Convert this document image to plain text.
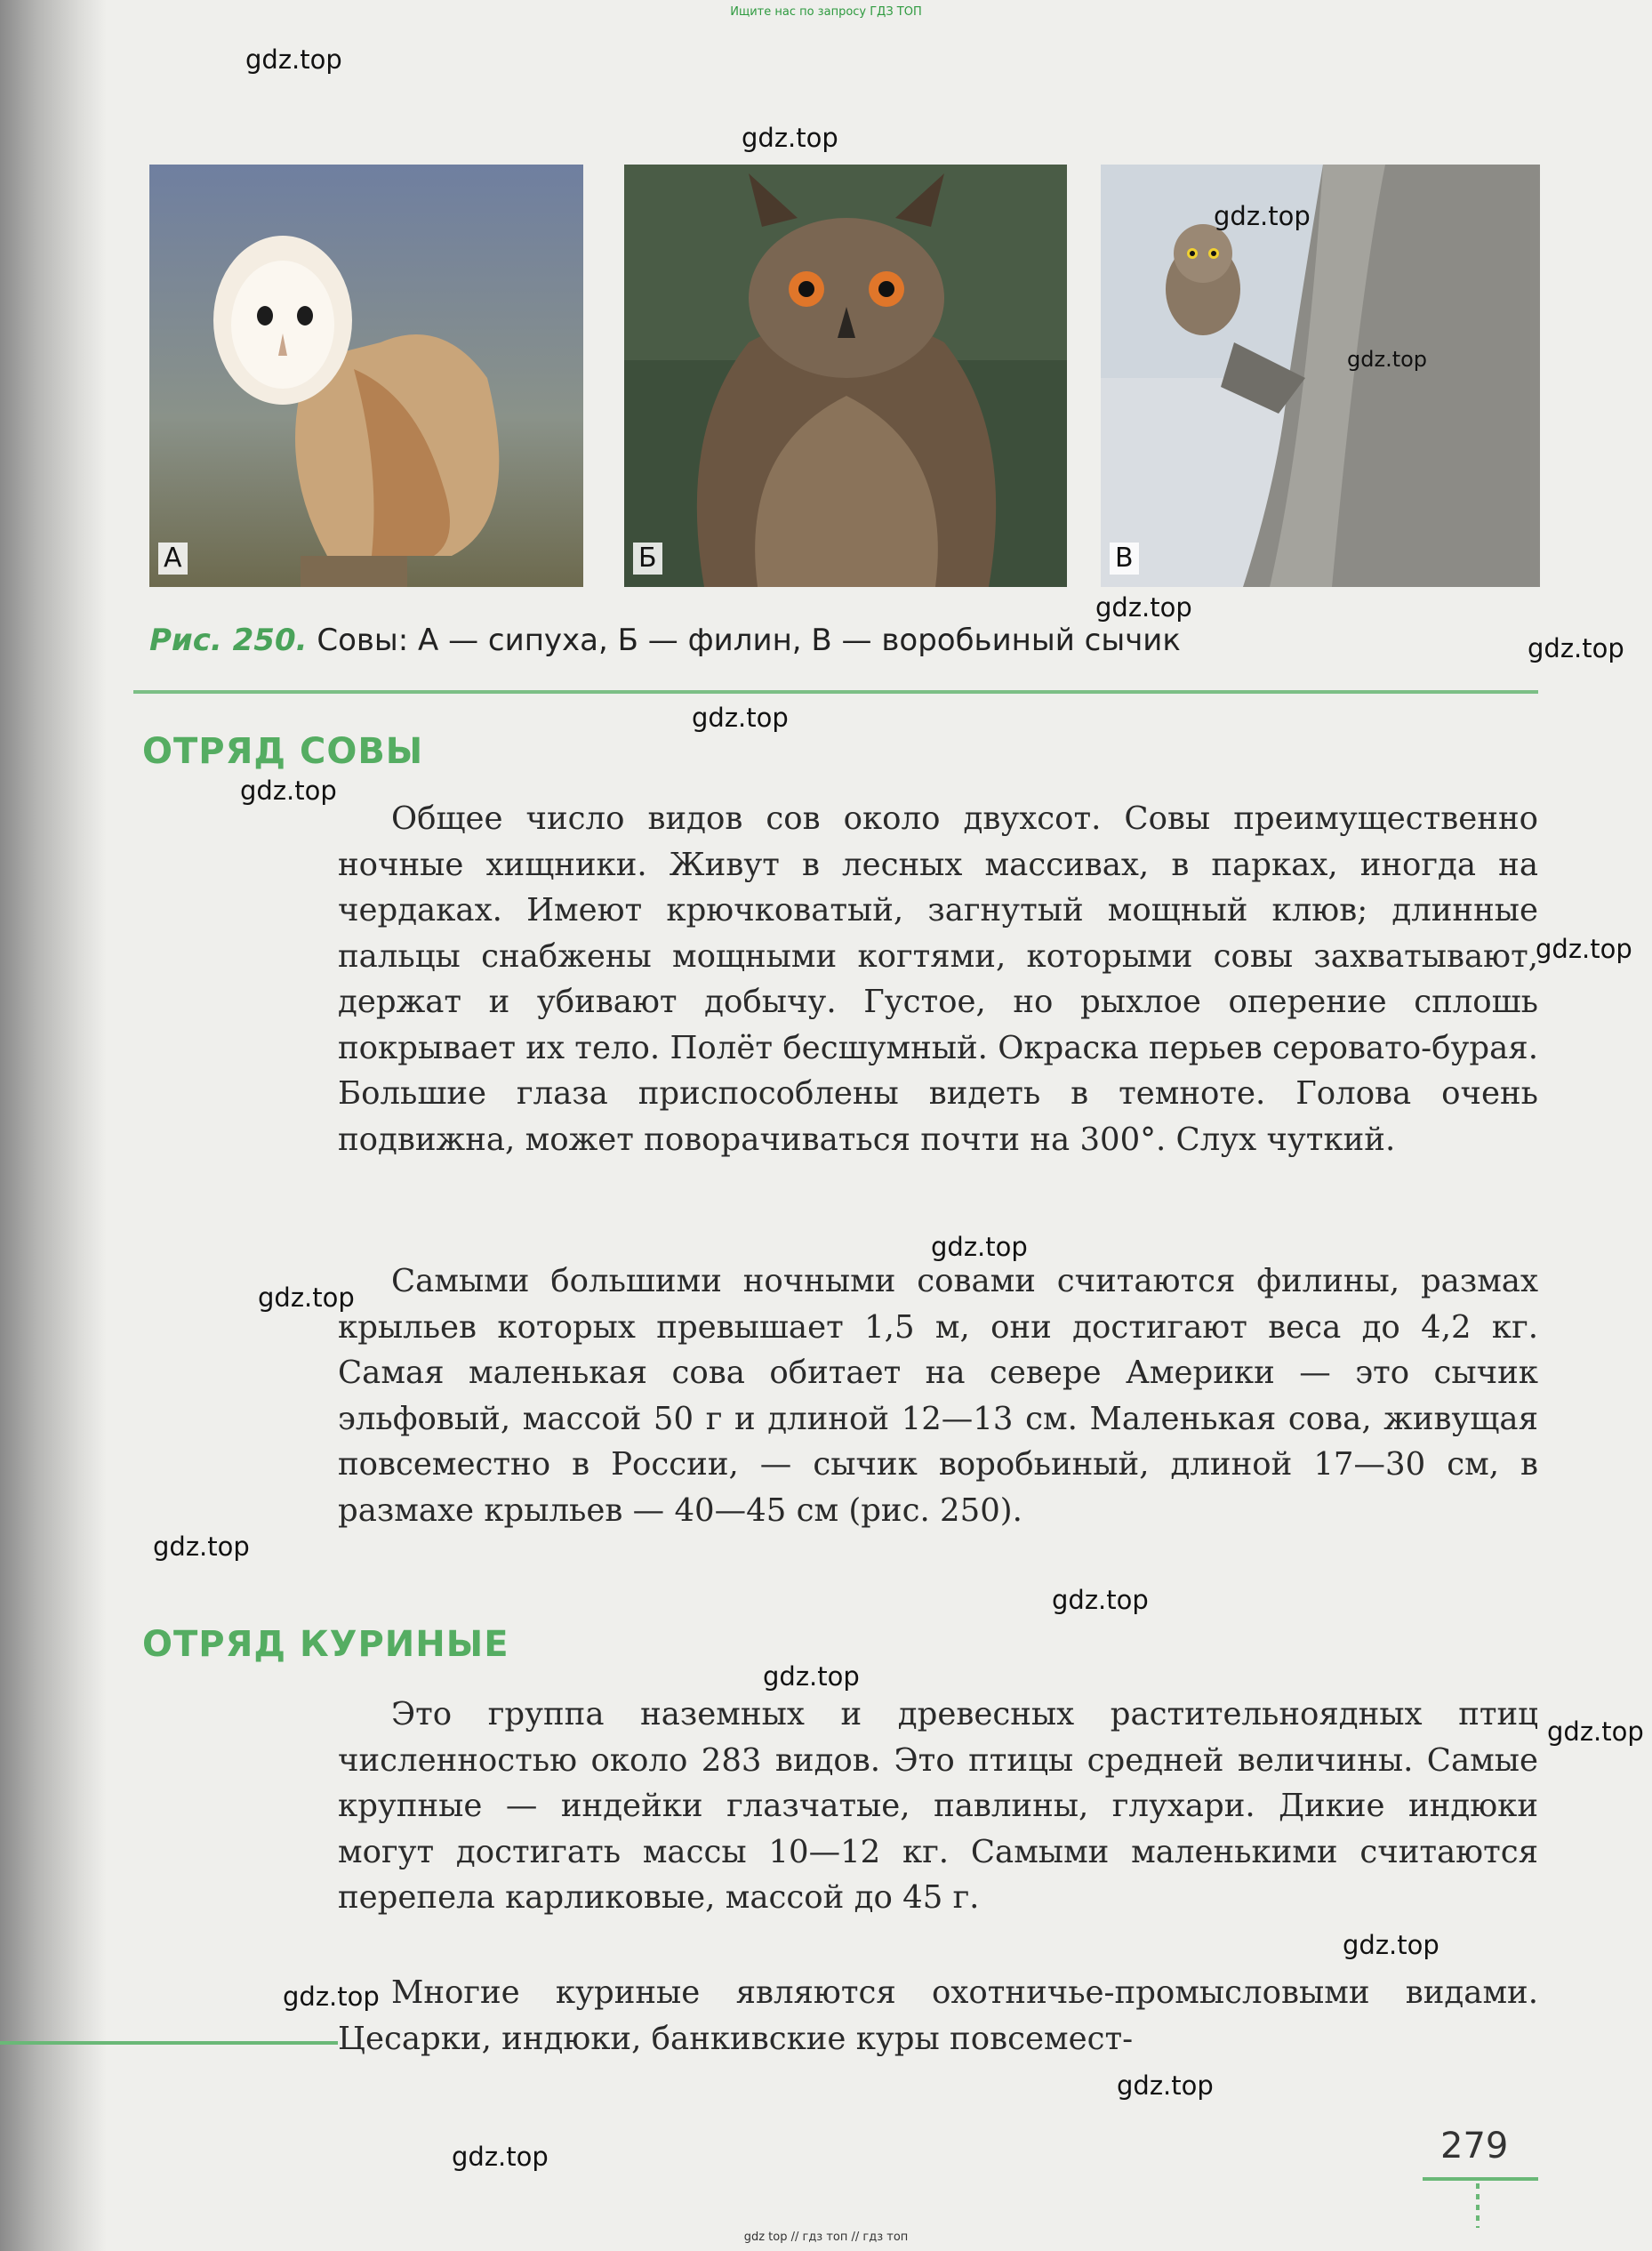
Ищите нас по запросу ГДЗ ТОП
А	Б	В
Рис. 250. Совы: А — сипуха, Б — филин, В — воробьиный сычик
ОТРЯД СОВЫ

Общее число видов сов около двухсот. Совы преимущественно ночные хищники. Живут в лесных массивах, в парках, иногда на чердаках. Имеют крючковатый, загнутый мощный клюв; длинные пальцы снабжены мощными когтями, которыми совы захватывают, держат и убивают добычу. Густое, но рыхлое оперение сплошь покрывает их тело. Полёт бесшумный. Окраска перьев серовато-бурая. Большие глаза приспособлены видеть в темноте. Голова очень подвижна, может поворачиваться почти на 300°. Слух чуткий.

Самыми большими ночными совами считаются филины, размах крыльев которых превышает 1,5 м, они достигают веса до 4,2 кг. Самая маленькая сова обитает на севере Америки — это сычик эльфовый, массой 50 г и длиной 12—13 см. Маленькая сова, живущая повсеместно в России, — сычик воробьиный, длиной 17—30 см, в размахе крыльев — 40—45 см (рис. 250).

ОТРЯД КУРИНЫЕ

Это группа наземных и древесных растительноядных птиц численностью около 283 видов. Это птицы средней величины. Самые крупные — индейки глазчатые, павлины, глухари. Дикие индюки могут достигать массы 10—12 кг. Самыми маленькими считаются перепела карликовые, массой до 45 г.

Многие куриные являются охотничье-промысловыми видами. Цесарки, индюки, банкивские куры повсемест-

279
gdz.top
gdz.top
gdz.top
gdz.top
gdz.top
gdz.top
gdz.top
gdz.top
gdz.top
gdz.top
gdz.top
gdz.top
gdz.top
gdz.top
gdz.top
gdz.top
gdz.top
gdz.top
gdz.top
gdz top // гдз топ // гдз топ
